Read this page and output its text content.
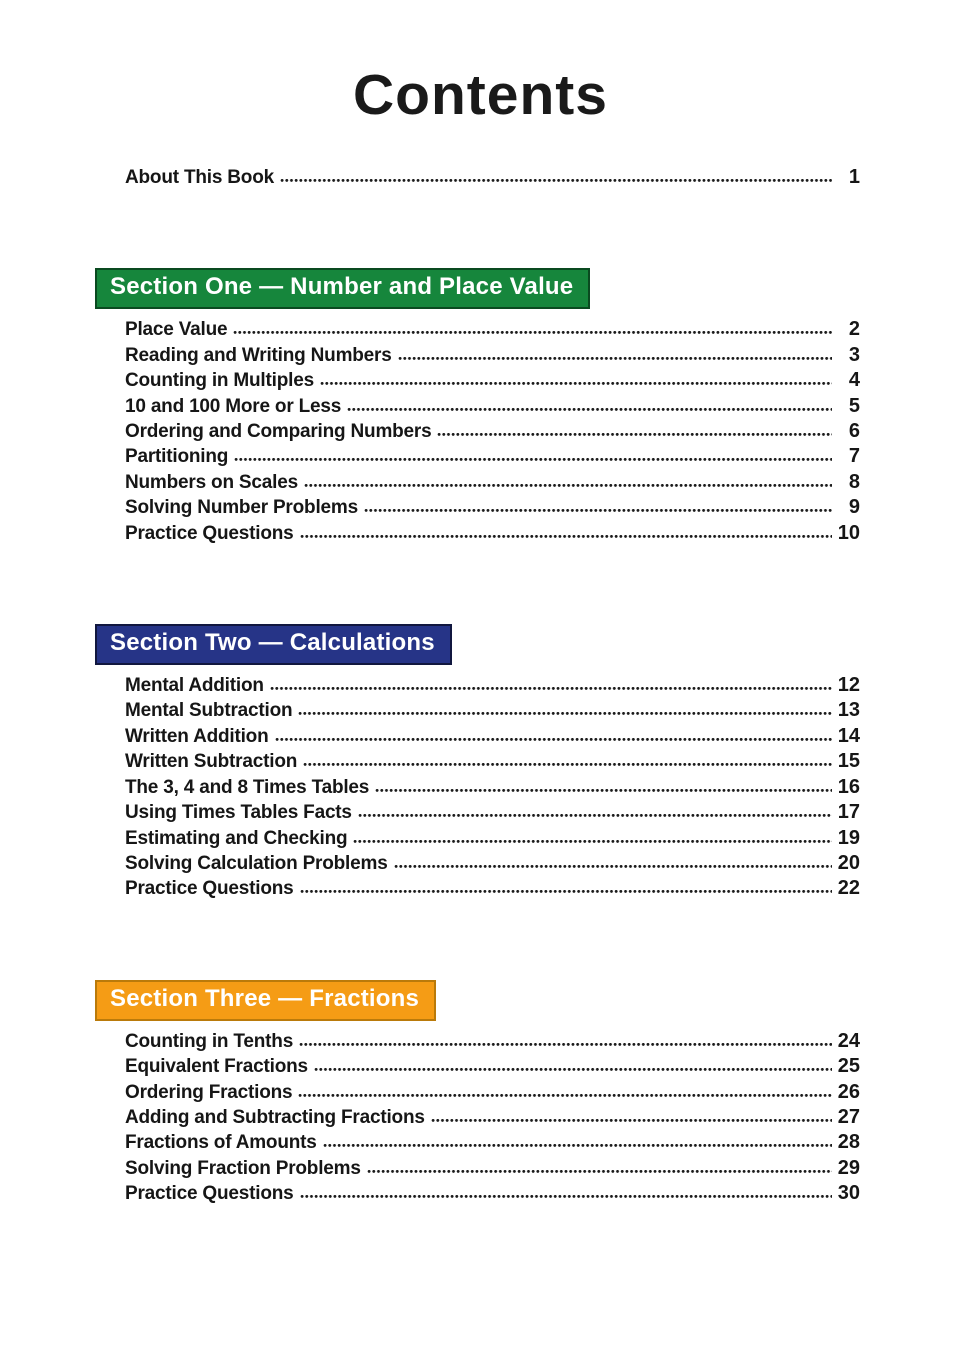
Contents
About This Book	1
Section One — Number and Place Value
Place Value	2
Reading and Writing Numbers	3
Counting in Multiples	4
10 and 100 More or Less	5
Ordering and Comparing Numbers	6
Partitioning	7
Numbers on Scales	8
Solving Number Problems	9
Practice Questions	10
Section Two — Calculations
Mental Addition	12
Mental Subtraction	13
Written Addition	14
Written Subtraction	15
The 3, 4 and 8 Times Tables	16
Using Times Tables Facts	17
Estimating and Checking	19
Solving Calculation Problems	20
Practice Questions	22
Section Three — Fractions
Counting in Tenths	24
Equivalent Fractions	25
Ordering Fractions	26
Adding and Subtracting Fractions	27
Fractions of Amounts	28
Solving Fraction Problems	29
Practice Questions	30
